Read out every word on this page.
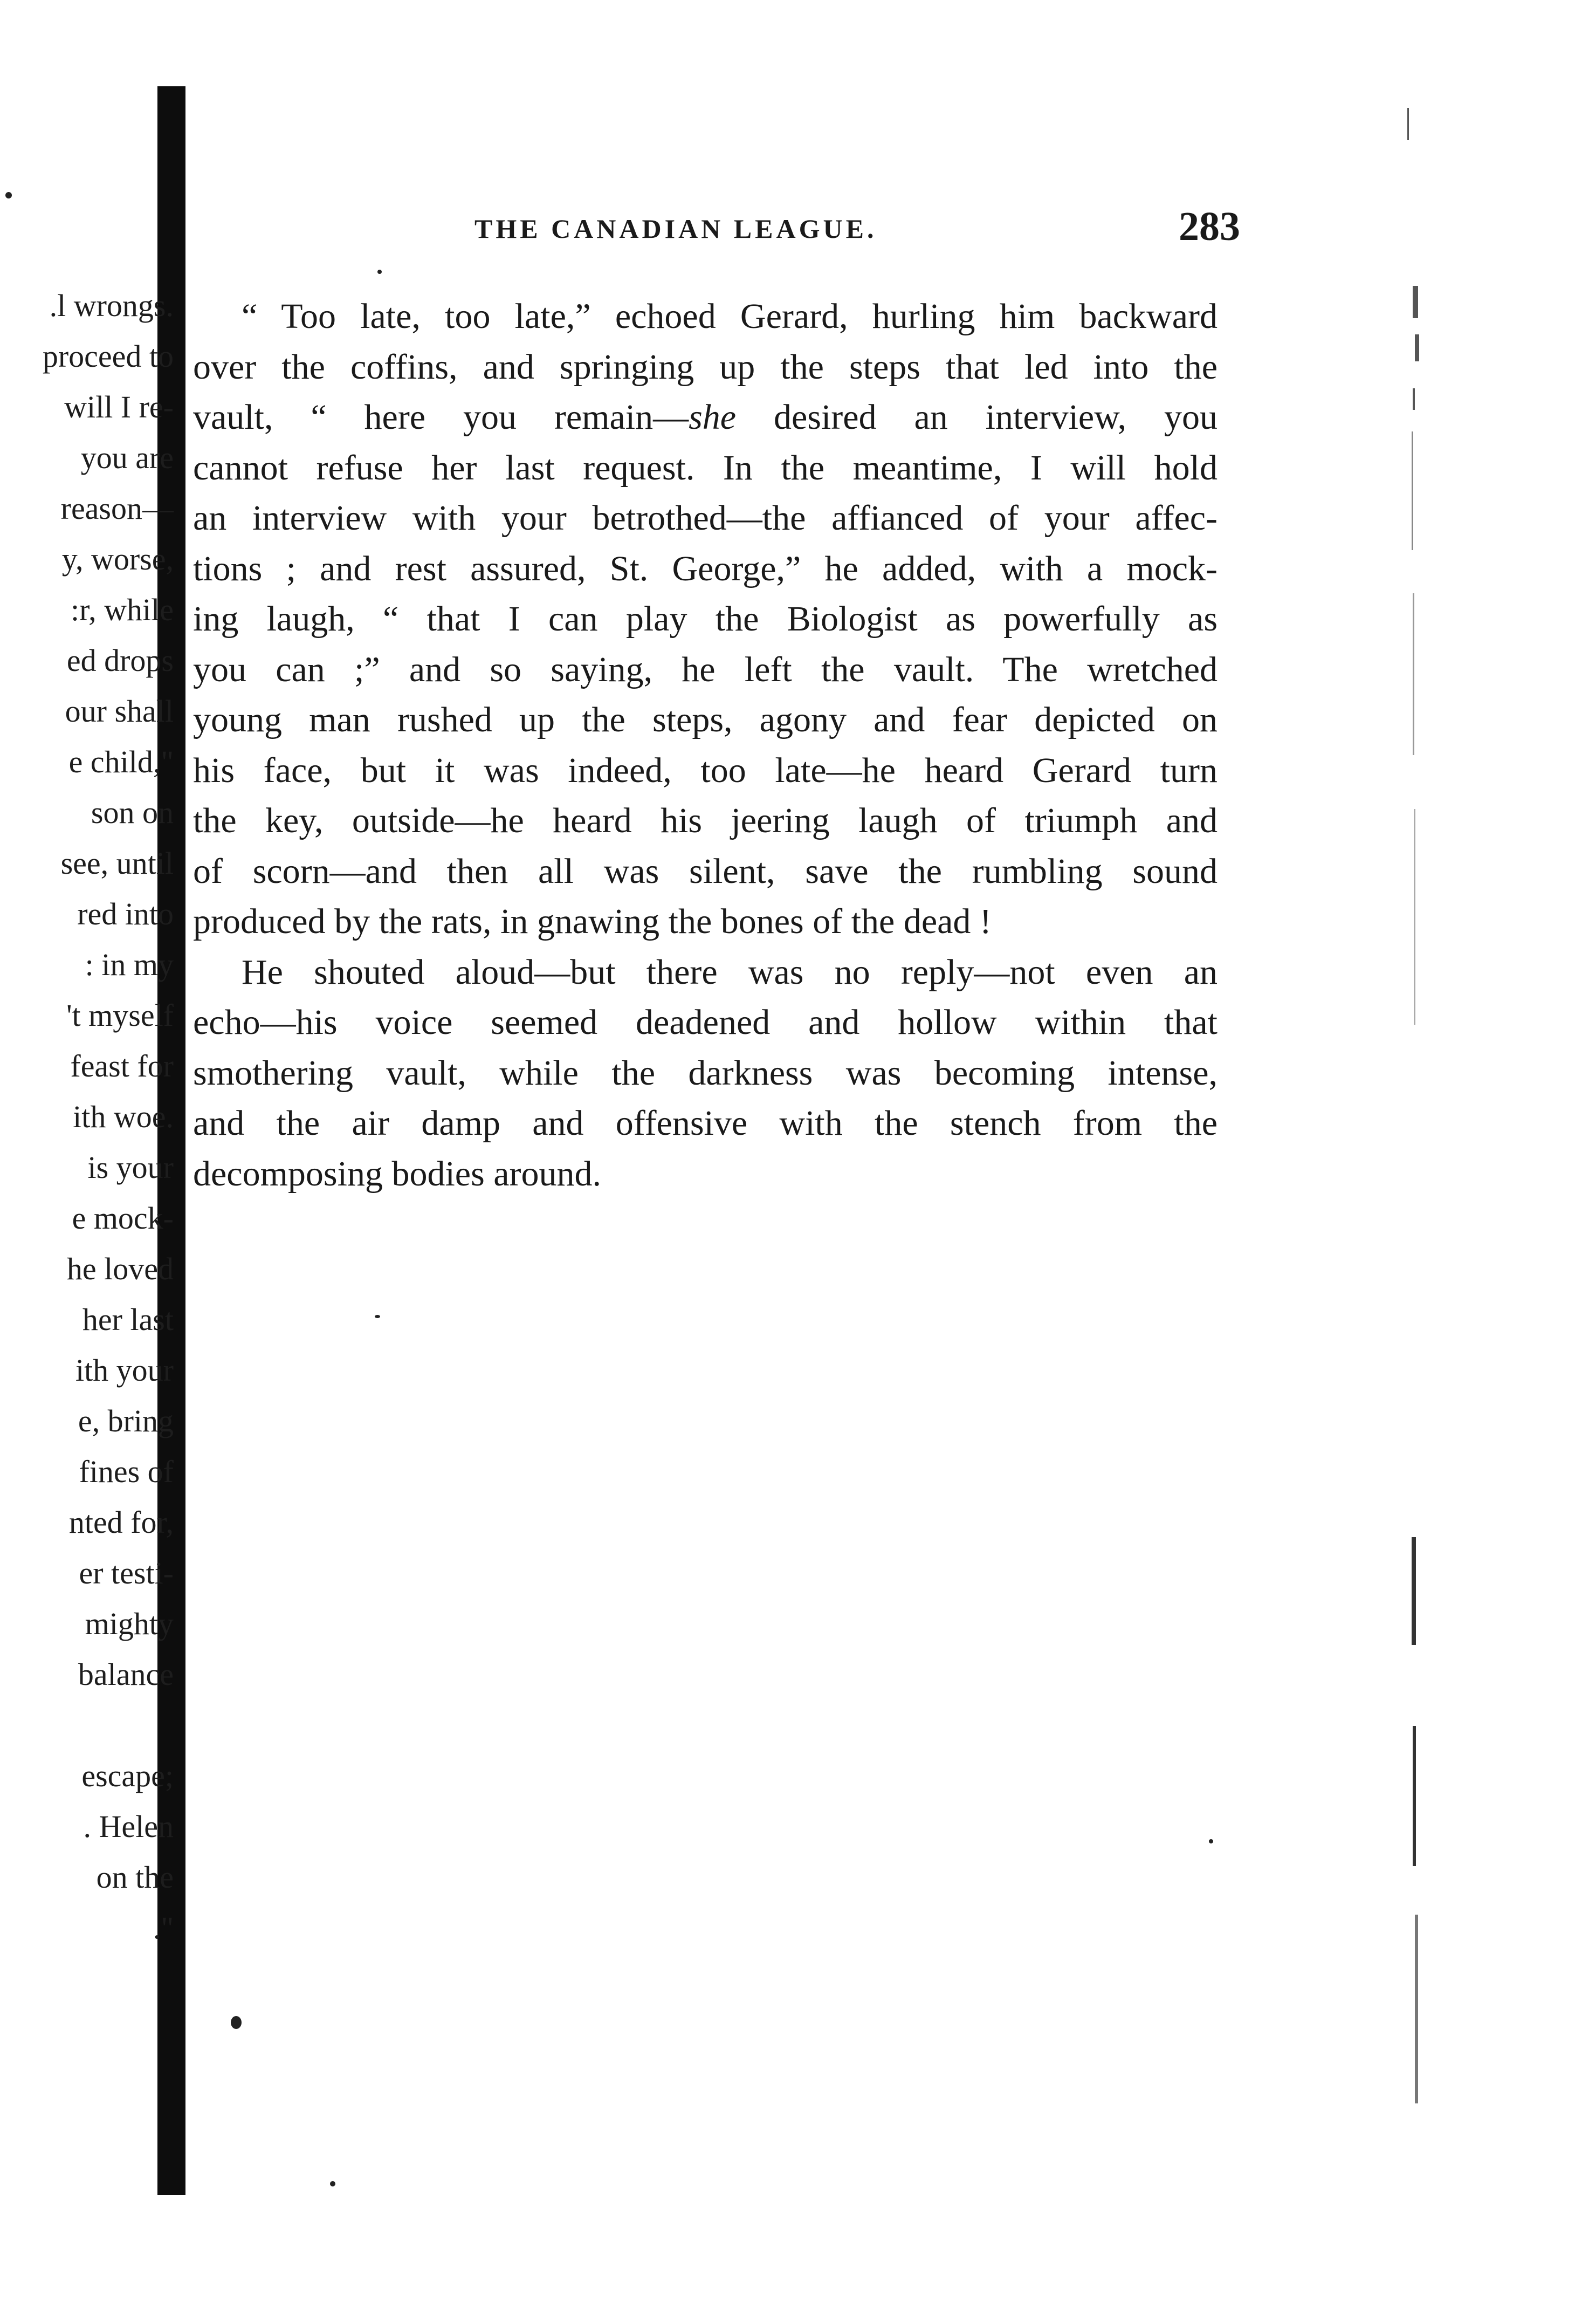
.l wrongs.
proceed to
will I re-
you are
reason—
y, worse,
:r, while
ed drops
our shall
e child,"
son on
see, until
red into
: in my
't myself
feast for
ith woe.
is your
e mock-
he loved
her last
ith your
e, bring
fines of
nted for,
er testi-
mighty
balance
escape;
. Helen
on the
."
THE CANADIAN LEAGUE.	283
“ Too late, too late,” echoed Gerard, hurling him backward
over the coffins, and springing up the steps that led into the
vault, “ here you remain—she desired an interview, you
cannot refuse her last request. In the meantime, I will hold
an interview with your betrothed—the affianced of your affec-
tions ; and rest assured, St. George,” he added, with a mock-
ing laugh, “ that I can play the Biologist as powerfully as
you can ;” and so saying, he left the vault. The wretched
young man rushed up the steps, agony and fear depicted on
his face, but it was indeed, too late—he heard Gerard turn
the key, outside—he heard his jeering laugh of triumph and
of scorn—and then all was silent, save the rumbling sound
produced by the rats, in gnawing the bones of the dead !
He shouted aloud—but there was no reply—not even an
echo—his voice seemed deadened and hollow within that
smothering vault, while the darkness was becoming intense,
and the air damp and offensive with the stench from the
decomposing bodies around.
